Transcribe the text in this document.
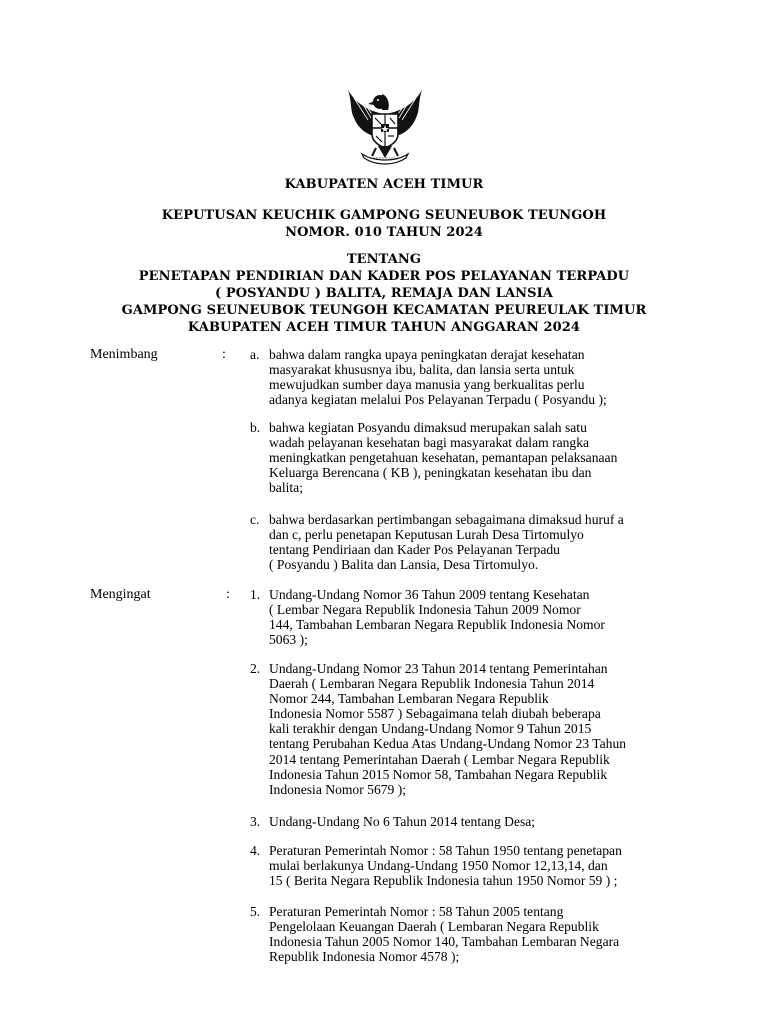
KABUPATEN ACEH TIMUR
KEPUTUSAN KEUCHIK GAMPONG SEUNEUBOK TEUNGOH
NOMOR. 010 TAHUN 2024
TENTANG
PENETAPAN PENDIRIAN DAN KADER POS PELAYANAN TERPADU
( POSYANDU ) BALITA, REMAJA DAN LANSIA
GAMPONG SEUNEUBOK TEUNGOH KECAMATAN PEUREULAK TIMUR
KABUPATEN ACEH TIMUR TAHUN ANGGARAN 2024
Menimbang	: a. bahwa dalam rangka upaya peningkatan derajat kesehatan
masyarakat khususnya ibu, balita, dan lansia serta untuk
mewujudkan sumber daya manusia yang berkualitas perlu
adanya kegiatan melalui Pos Pelayanan Terpadu ( Posyandu );
b. bahwa kegiatan Posyandu dimaksud merupakan salah satu
wadah pelayanan kesehatan bagi masyarakat dalam rangka
meningkatkan pengetahuan kesehatan, pemantapan pelaksanaan
Keluarga Berencana ( KB ), peningkatan kesehatan ibu dan
balita;
c. bahwa berdasarkan pertimbangan sebagaimana dimaksud huruf a
dan c, perlu penetapan Keputusan Lurah Desa Tirtomulyo
tentang Pendiriaan dan Kader Pos Pelayanan Terpadu
( Posyandu ) Balita dan Lansia, Desa Tirtomulyo.
Mengingat	: 1. Undang-Undang Nomor 36 Tahun 2009 tentang Kesehatan
( Lembar Negara Republik Indonesia Tahun 2009 Nomor
144, Tambahan Lembaran Negara Republik Indonesia Nomor
5063 );
2. Undang-Undang Nomor 23 Tahun 2014 tentang Pemerintahan
Daerah ( Lembaran Negara Republik Indonesia Tahun 2014
Nomor 244, Tambahan Lembaran Negara Republik
Indonesia Nomor 5587 ) Sebagaimana telah diubah beberapa
kali terakhir dengan Undang-Undang Nomor 9 Tahun 2015
tentang Perubahan Kedua Atas Undang-Undang Nomor 23 Tahun
2014 tentang Pemerintahan Daerah ( Lembar Negara Republik
Indonesia Tahun 2015 Nomor 58, Tambahan Negara Republik
Indonesia Nomor 5679 );
3. Undang-Undang No 6 Tahun 2014 tentang Desa;
4. Peraturan Pemerintah Nomor : 58 Tahun 1950 tentang penetapan
mulai berlakunya Undang-Undang 1950 Nomor 12,13,14, dan
15 ( Berita Negara Republik Indonesia tahun 1950 Nomor 59 ) ;
5. Peraturan Pemerintah Nomor : 58 Tahun 2005 tentang
Pengelolaan Keuangan Daerah ( Lembaran Negara Republik
Indonesia Tahun 2005 Nomor 140, Tambahan Lembaran Negara
Republik Indonesia Nomor 4578 );
